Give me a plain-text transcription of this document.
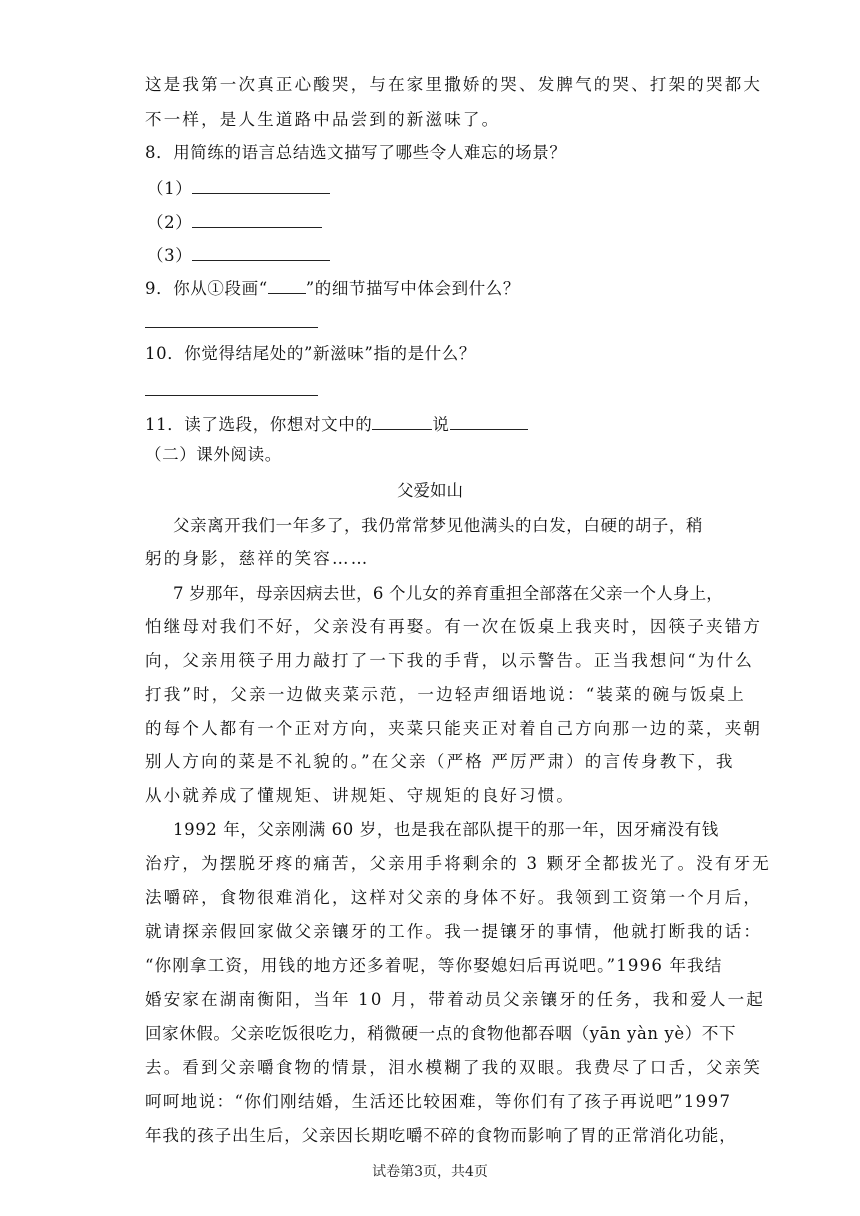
这是我第一次真正心酸哭，与在家里撒娇的哭、发脾气的哭、打架的哭都大
不一样，是人生道路中品尝到的新滋味了。
8．用简练的语言总结选文描写了哪些令人难忘的场景？
（1）
（2）
（3）
9．你从①段画“ ”的细节描写中体会到什么？
10．你觉得结尾处的”新滋味”指的是什么？
11．读了选段，你想对文中的	说
（二）课外阅读。
父爱如山
父亲离开我们一年多了，我仍常常梦见他满头的白发，白硬的胡子，稍
躬的身影，慈祥的笑容……
7 岁那年，母亲因病去世，6 个儿女的养育重担全部落在父亲一个人身上，
怕继母对我们不好，父亲没有再娶。有一次在饭桌上我夹时，因筷子夹错方
向，父亲用筷子用力敲打了一下我的手背，以示警告。正当我想问“为什么
打我”时，父亲一边做夹菜示范，一边轻声细语地说：“装菜的碗与饭桌上
的每个人都有一个正对方向，夹菜只能夹正对着自己方向那一边的菜，夹朝
别人方向的菜是不礼貌的。”在父亲（严格 严厉严肃）的言传身教下，我
从小就养成了懂规矩、讲规矩、守规矩的良好习惯。
1992 年，父亲刚满 60 岁，也是我在部队提干的那一年，因牙痛没有钱
治疗，为摆脱牙疼的痛苦，父亲用手将剩余的 3 颗牙全都拔光了。没有牙无
法嚼碎，食物很难消化，这样对父亲的身体不好。我领到工资第一个月后，
就请探亲假回家做父亲镶牙的工作。我一提镶牙的事情，他就打断我的话：
“你刚拿工资，用钱的地方还多着呢，等你娶媳妇后再说吧。”1996 年我结
婚安家在湖南衡阳，当年 10 月，带着动员父亲镶牙的任务，我和爱人一起
回家休假。父亲吃饭很吃力，稍微硬一点的食物他都吞咽（yān yàn yè）不下
去。看到父亲嚼食物的情景，泪水模糊了我的双眼。我费尽了口舌，父亲笑
呵呵地说：“你们刚结婚，生活还比较困难，等你们有了孩子再说吧”1997
年我的孩子出生后，父亲因长期吃嚼不碎的食物而影响了胃的正常消化功能，
试卷第3页，共4页
